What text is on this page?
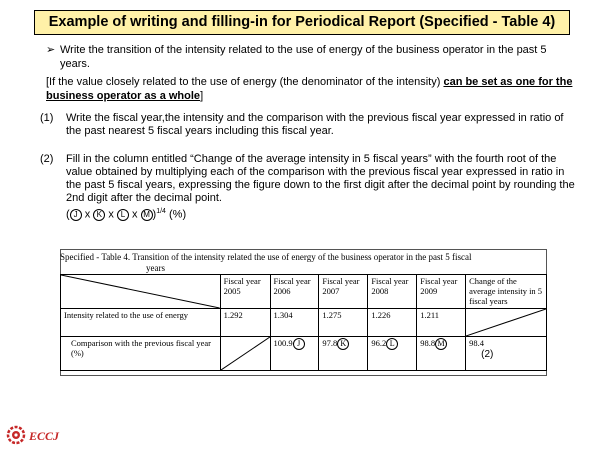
Example of writing and filling-in for Periodical Report (Specified - Table 4)
➢ Write the transition of the intensity related to the use of energy of the business operator in the past 5 years.
[If the value closely related to the use of energy (the denominator of the intensity) can be set as one for the business operator as a whole]
(1) Write the fiscal year,the intensity and the comparison with the previous fiscal year expressed in ratio of the past nearest 5 fiscal years including this fiscal year.
(2) Fill in the column entitled “Change of the average intensity in 5 fiscal years” with the fourth root of the value obtained by multiplying each of the comparison with the previous fiscal year expressed in ratio in the past 5 fiscal years, expressing the figure down to the first digit after the decimal point by rounding the 2nd digit after the decimal point.
( J x K x L x M )$^{1/4}$ (%)
Specified - Table 4. Transition of the intensity related the use of energy of the business operator in the past 5 fiscal
years
	Fiscal year 2005	Fiscal year 2006	Fiscal year 2007	Fiscal year 2008	Fiscal year 2009	Change of the average intensity in 5 fiscal years
Intensity related to the use of energy	1.292	1.304	1.275	1.226	1.211	

Comparison with the previous fiscal year (%)		100.9 J	97.8 K	96.2 L	98.8 M	98.4
(2)
ECCJ
